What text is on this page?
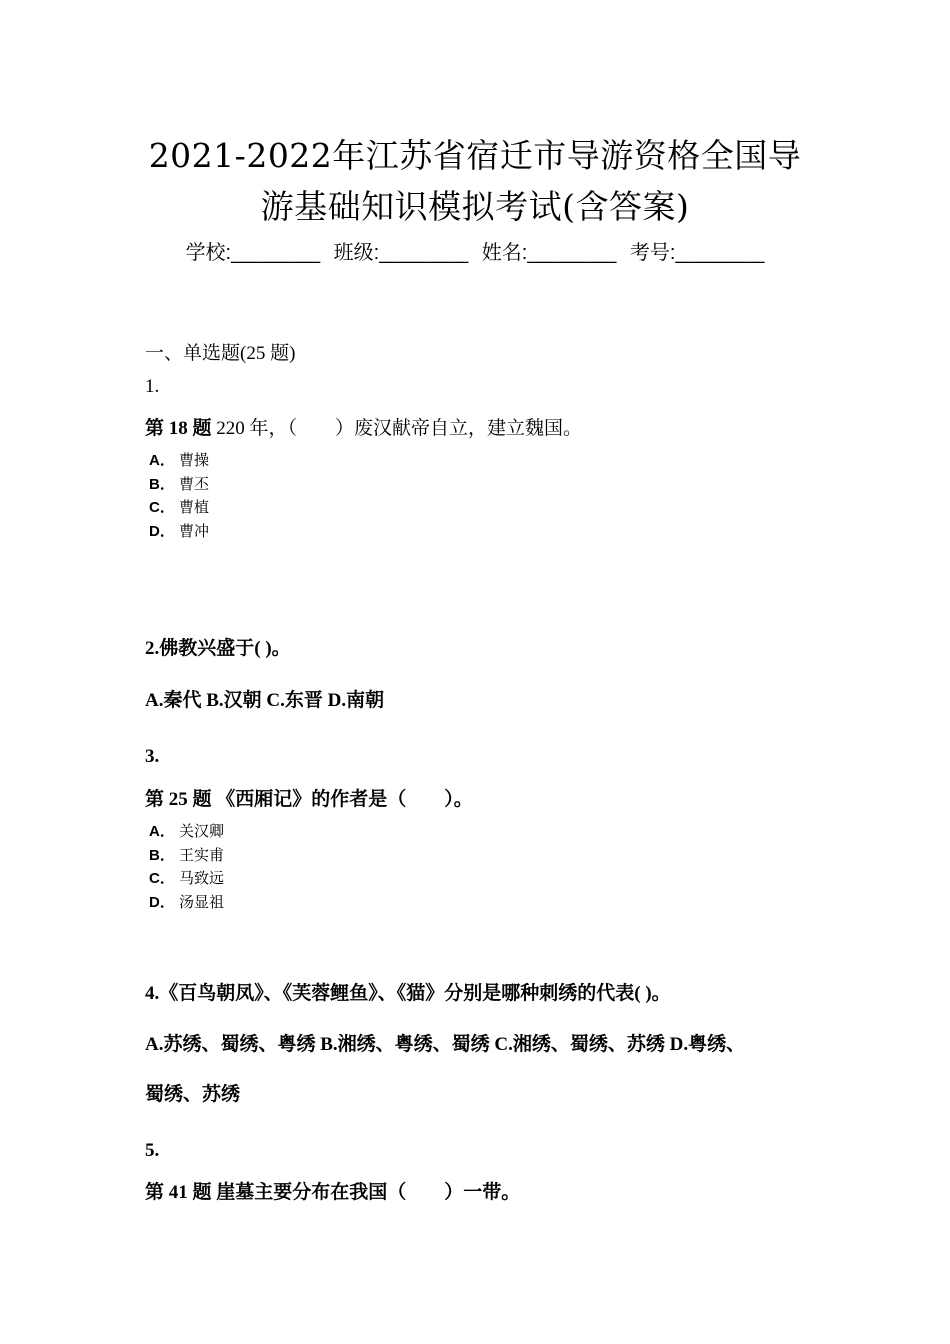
2021-2022年江苏省宿迁市导游资格全国导
游基础知识模拟考试(含答案)
学校:________ 班级:________ 姓名:________ 考号:________
一、单选题(25 题)
1.
第 18 题 220 年，（　　）废汉献帝自立，建立魏国。
A． 曹操
B． 曹丕
C． 曹植
D． 曹冲
2.佛教兴盛于( )。
A.秦代 B.汉朝 C.东晋 D.南朝
3.
第 25 题 《西厢记》的作者是（　　）。
A． 关汉卿
B． 王实甫
C． 马致远
D． 汤显祖
4.《百鸟朝凤》、《芙蓉鲤鱼》、《猫》分别是哪种刺绣的代表( )。
A.苏绣、蜀绣、粤绣 B.湘绣、粤绣、蜀绣 C.湘绣、蜀绣、苏绣 D.粤绣、
蜀绣、苏绣
5.
第 41 题 崖墓主要分布在我国（　　）一带。
